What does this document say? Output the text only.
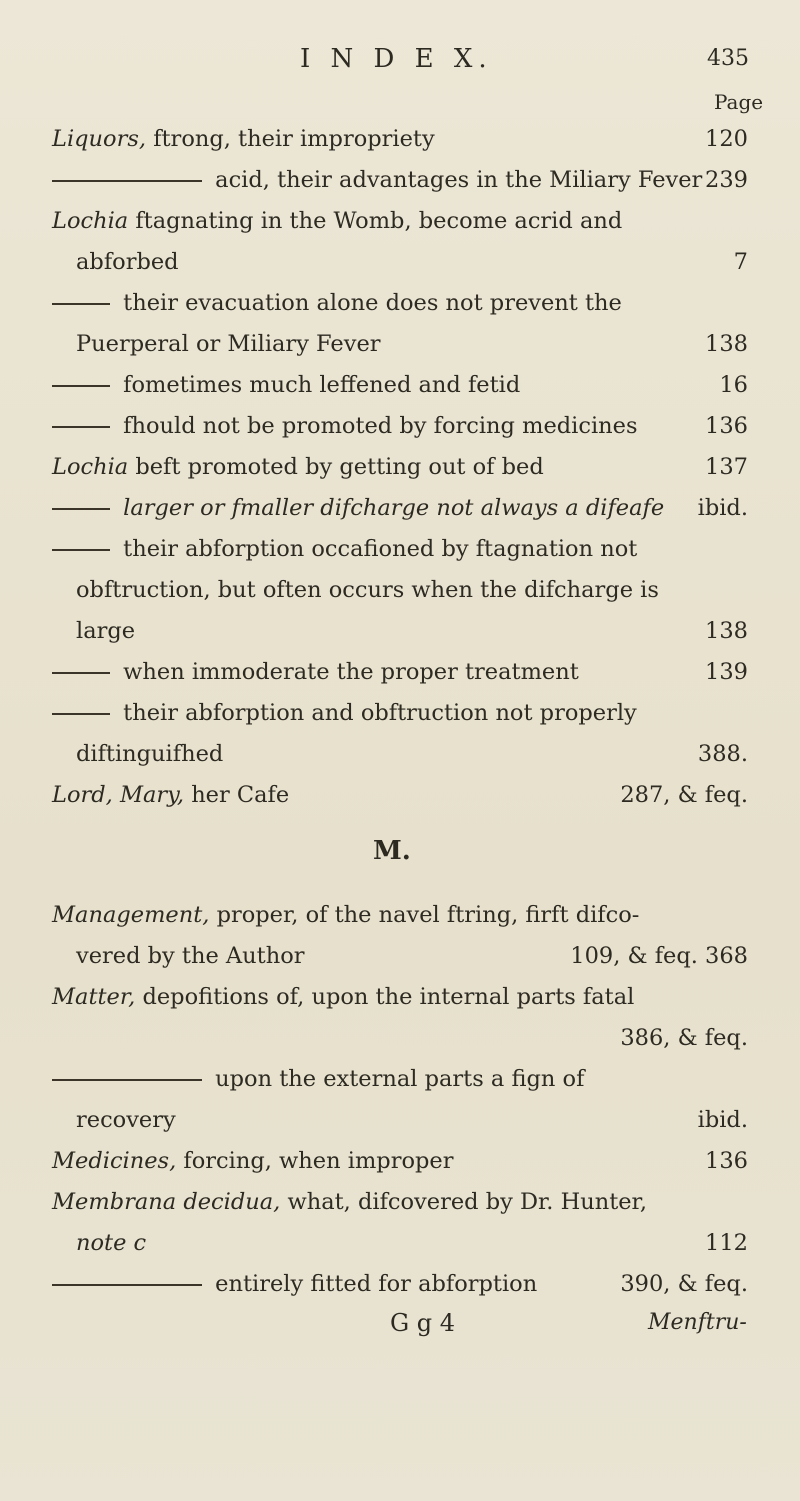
I N D E X.	435
Page
Liquors, ftrong, their impropriety	120
acid, their advantages in the Miliary Fever 239
Lochia ftagnating in the Womb, become acrid and
abforbed	7
their evacuation alone does not prevent the
Puerperal or Miliary Fever	138
fometimes much leffened and fetid	16
fhould not be promoted by forcing medicines	136
Lochia beft promoted by getting out of bed	137
larger or fmaller difcharge not always a difeafe	ibid.
their abforption occafioned by ftagnation not
obftruction, but often occurs when the difcharge is
large	138
when immoderate the proper treatment	139
their abforption and obftruction not properly
diftinguifhed	388.
Lord, Mary, her Cafe	287, & feq.
M.
Management, proper, of the navel ftring, firft difco-
vered by the Author	109, & feq. 368
Matter, depofitions of, upon the internal parts fatal
386, & feq.
upon the external parts a fign of
recovery	ibid.
Medicines, forcing, when improper	136
Membrana decidua, what, difcovered by Dr. Hunter,
note c	112
entirely fitted for abforption	390, & feq.
G g 4	Menftru-
